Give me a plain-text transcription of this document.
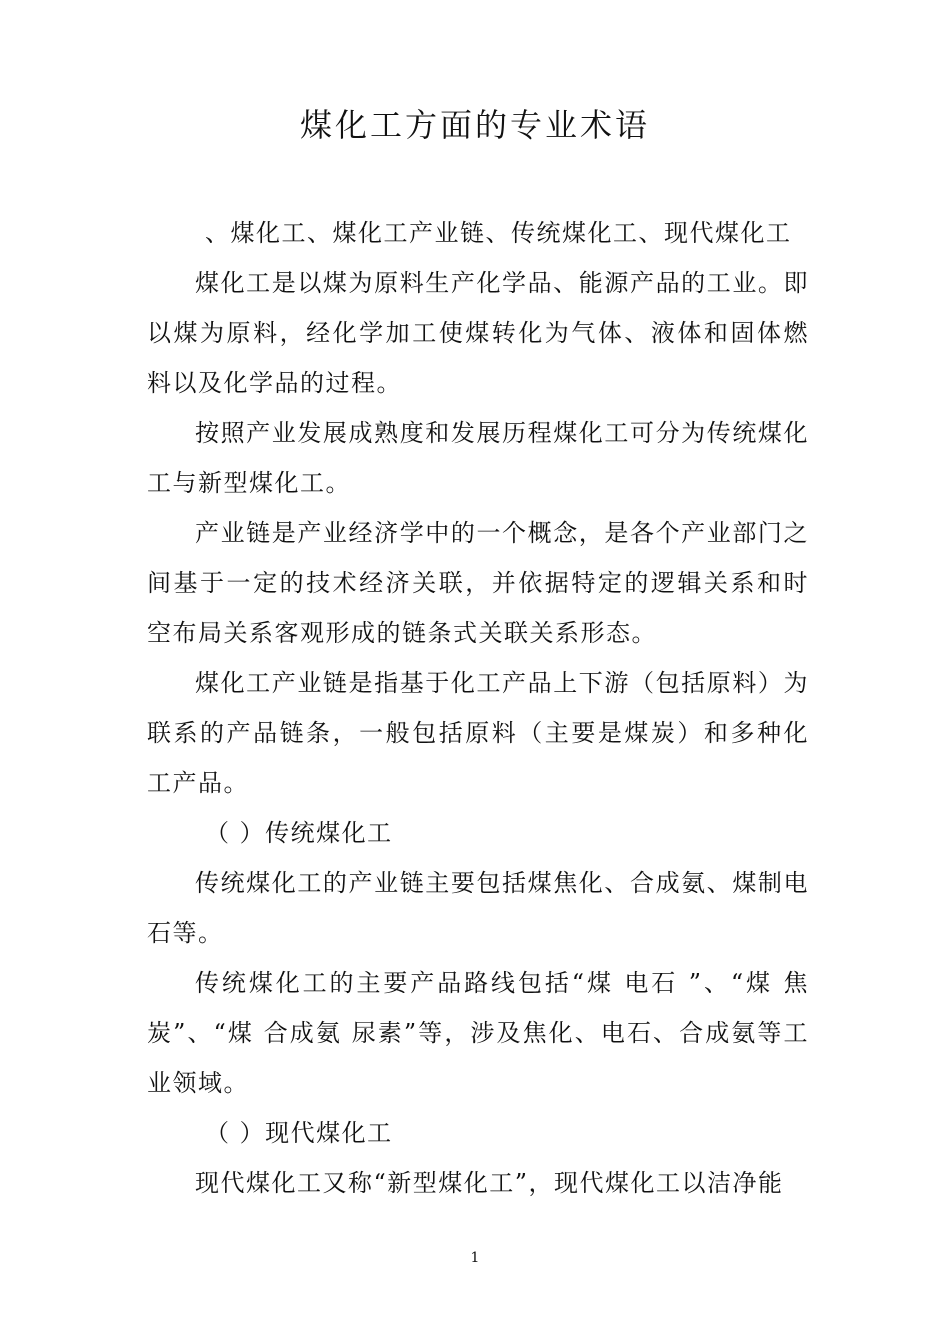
煤化工方面的专业术语

、煤化工、煤化工产业链、传统煤化工、现代煤化工

煤化工是以煤为原料生产化学品、能源产品的工业。即以煤为原料，经化学加工使煤转化为气体、液体和固体燃料以及化学品的过程。

按照产业发展成熟度和发展历程煤化工可分为传统煤化工与新型煤化工。

产业链是产业经济学中的一个概念，是各个产业部门之间基于一定的技术经济关联，并依据特定的逻辑关系和时空布局关系客观形成的链条式关联关系形态。

煤化工产业链是指基于化工产品上下游（包括原料）为联系的产品链条，一般包括原料（主要是煤炭）和多种化工产品。

（ ）传统煤化工

传统煤化工的产业链主要包括煤焦化、合成氨、煤制电石等。

传统煤化工的主要产品路线包括“煤 电石 ”、“煤 焦炭”、“煤 合成氨 尿素”等，涉及焦化、电石、合成氨等工业领域。

（ ）现代煤化工

现代煤化工又称“新型煤化工”，现代煤化工以洁净能

1
